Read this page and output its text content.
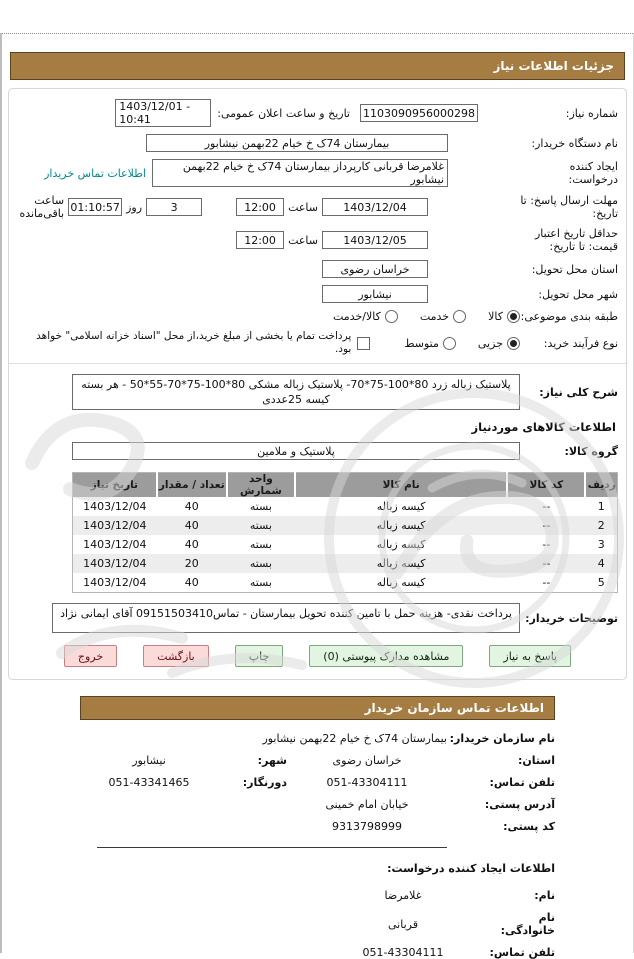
جزئیات اطلاعات نیاز
شماره نیاز:
1103090956000298
تاریخ و ساعت اعلان عمومی:
1403/12/01 - 10:41
نام دستگاه خریدار:
بیمارستان 74ک خ خیام 22بهمن نیشابور
ایجاد کننده درخواست:
غلامرضا قربانی کارپرداز بیمارستان 74ک خ خیام 22بهمن نیشابور
اطلاعات تماس خریدار
مهلت ارسال پاسخ: تا تاریخ:
1403/12/04
ساعت
12:00
3
روز
01:10:57
ساعت باقی‌مانده
حداقل تاریخ اعتبار قیمت: تا تاریخ:
1403/12/05
ساعت
12:00
استان محل تحویل:
خراسان رضوی
شهر محل تحویل:
نیشابور
طبقه بندی موضوعی:
کالا
خدمت
کالا/خدمت
نوع فرآیند خرید:
جزیی
متوسط
پرداخت تمام یا بخشی از مبلغ خرید،از محل "اسناد خزانه اسلامی" خواهد بود.
شرح کلی نیاز:
پلاستیک زباله زرد 80*100-75*70- پلاستیک زباله مشکی 80*100-75*70-55*50 - هر بسته کیسه 25عددی
اطلاعات کالاهای موردنیاز
گروه کالا:
پلاستیک و ملامین
ردیف	کد کالا	نام کالا	واحد شمارش	تعداد / مقدار	تاریخ نیاز
1	--	کیسه زباله	بسته	40	1403/12/04
2	--	کیسه زباله	بسته	40	1403/12/04
3	--	کیسه زباله	بسته	40	1403/12/04
4	--	کیسه زباله	بسته	20	1403/12/04
5	--	کیسه زباله	بسته	40	1403/12/04
توضیحات خریدار:
پرداخت نقدی- هزینه حمل با تامین کننده تحویل بیمارستان - تماس09151503410 آقای ایمانی نژاد
پاسخ به نیاز
مشاهده مدارک پیوستی (0)
چاپ
بازگشت
خروج
اطلاعات تماس سازمان خریدار
نام سازمان خریدار:
بیمارستان 74ک خ خیام 22بهمن نیشابور
استان:
خراسان رضوی
شهر:
نیشابور
تلفن تماس:
051-43304111
دورنگار:
051-43341465
آدرس پستی:
خیابان امام خمینی
کد پستی:
9313798999
اطلاعات ایجاد کننده درخواست:
نام:
غلامرضا
نام خانوادگی:
قربانی
تلفن تماس:
051-43304111
